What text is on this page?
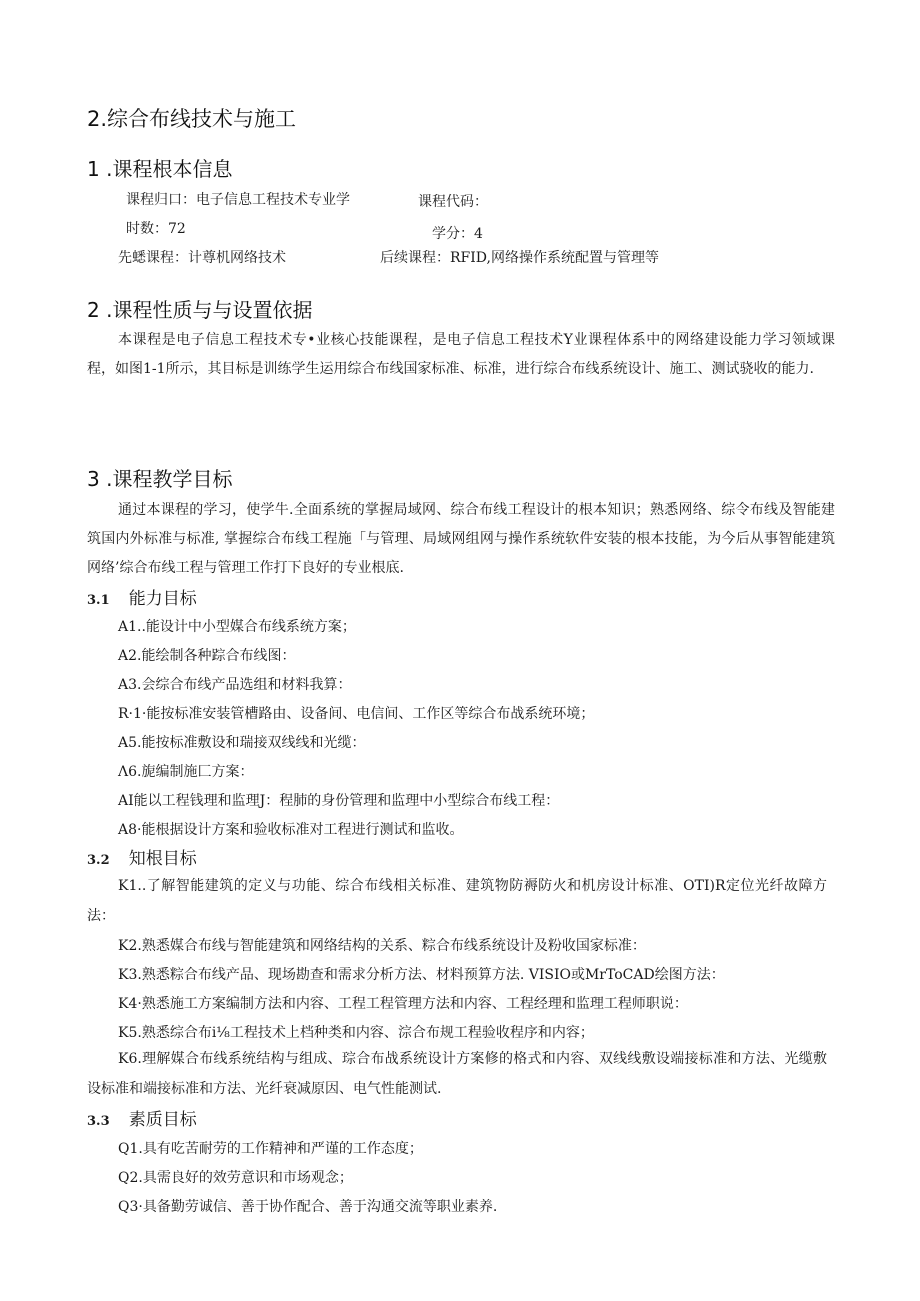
2.综合布线技术与施工
1 .课程根本信息
课程归口：电子信息工程技术专业学	课程代码：
时数：72	学分：4
先蟋课程：计尊机网络技术	后续课程：RFID,网络操作系统配置与管理等
2 .课程性质与与设置依据
本课程是电子信息工程技术专•业核心技能课程，是电子信息工程技术Y业课程体系中的网络建设能力学习领域课程，如图1-1所示，其目标是训练学生运用综合布线国家标准、标准，进行综合布线系统设计、施工、测试骁收的能力.
3 .课程教学目标
通过本课程的学习，使学牛.全面系统的掌握局域网、综合布线工程设计的根本知识；熟悉网络、综令布线及智能建筑国内外标准与标准, 掌握综合布线工程施「与管理、局域网组网与操作系统软件安装的根本技能，为今后从事智能建筑网络’综合布线工程与管理工作打下良好的专业根底.
3.1 能力目标
A1..能设计中小型媒合布线系统方案；
A2.能绘制各种踪合布线图：
A3.会综合布线产品选组和材料我算：
R·1·能按标准安装管槽路由、设备间、电信间、工作区等综合布战系统环境；
A5.能按标准敷设和瑞接双线线和光缆：
Λ6.旎编制施匚方案：
AI能以工程钱理和监理J：程肺的身份管理和监理中小型综合布线工程：
A8·能根据设计方案和验收标准对工程进行测试和监收。
3.2 知根目标
K1..了解智能建筑的定义与功能、综合布线相关标准、建筑物防褥防火和机房设计标准、OTI)R定位光纤故障方法：
K2.熟悉媒合布线与智能建筑和网络结构的关系、粽合布线系统设计及粉收国家标准：
K3.熟悉粽合布线产品、现场勘查和需求分析方法、材料预算方法. VISIO或MrToCAD绘图方法：
K4·熟悉施工方案编制方法和内容、工程工程管理方法和内容、工程经理和监理工程师职说：
K5.熟悉综合布i⅛工程技术上档种类和内容、淙合布规工程验收程序和内容；
K6.理解媒合布线系统结构与组成、琮合布战系统设计方案修的格式和内容、双线线敷设端接标准和方法、光缆敷设标准和端接标准和方法、光纤衰减原因、电气性能测试.
3.3 素质目标
Q1.具有吃苦耐劳的工作精神和严谨的工作态度；
Q2.具需良好的效劳意识和市场观念；
Q3·具备勤劳诚信、善于协作配合、善于沟通交流等职业素养.
